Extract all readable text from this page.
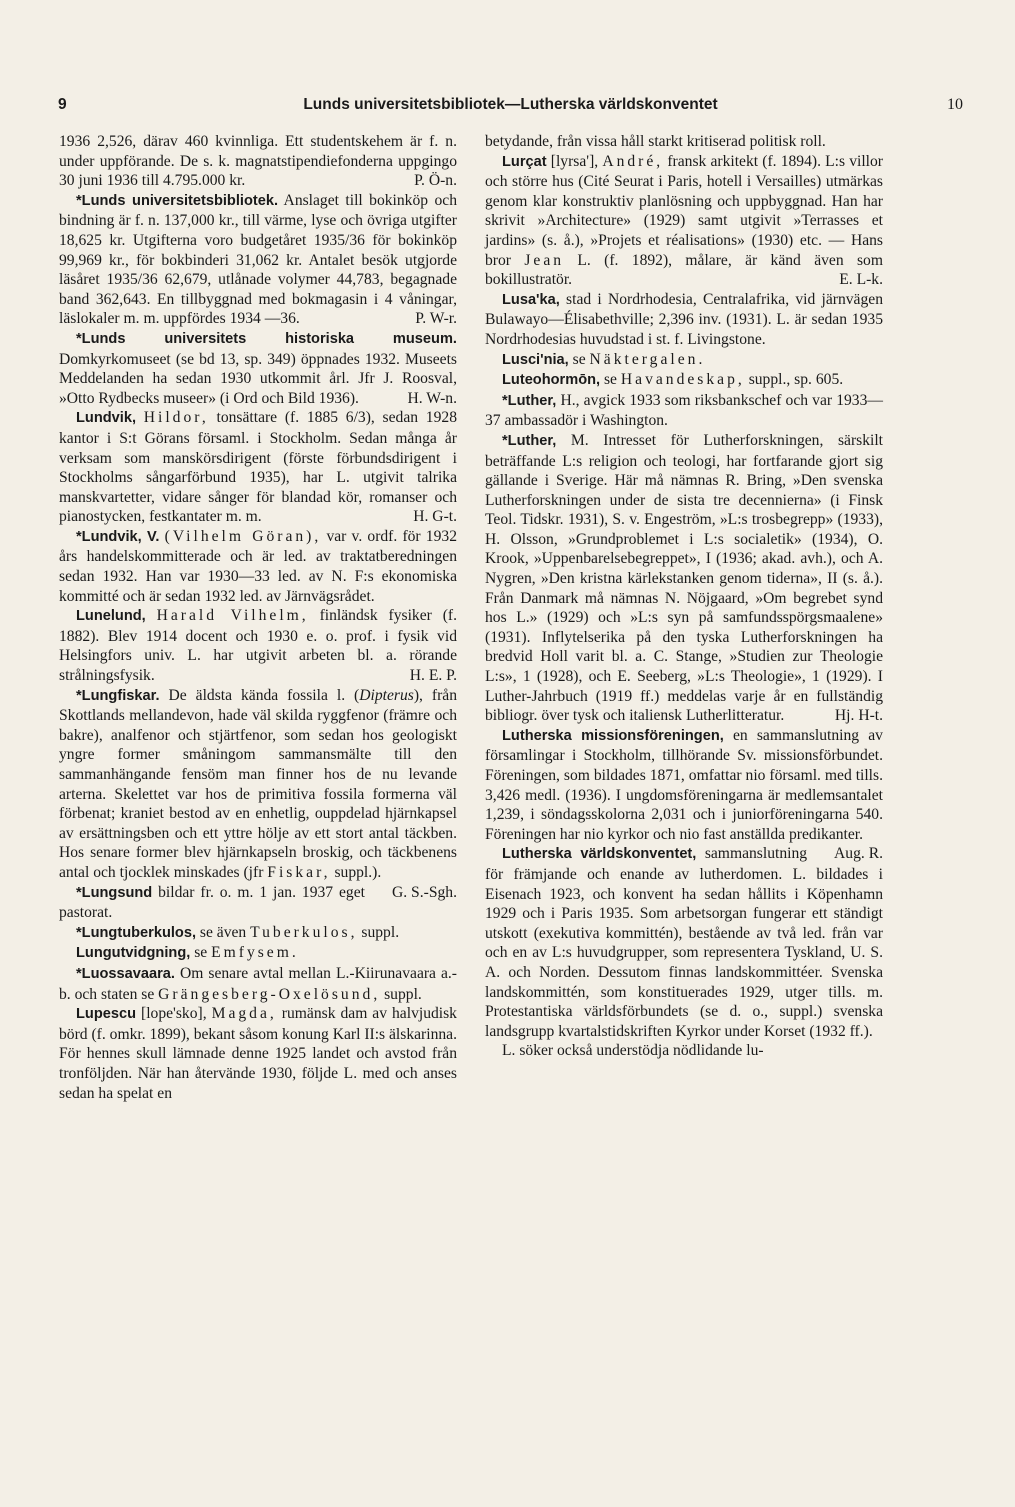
9	Lunds universitetsbibliotek—Lutherska världskonventet	10

1936 2,526, därav 460 kvinnliga. Ett studentskehem är f. n. under uppförande. De s. k. magnatstipendiefonderna uppgingo 30 juni 1936 till 4.795.000 kr.	P. Ö-n.

*Lunds universitetsbibliotek. Anslaget till bokinköp och bindning är f. n. 137,000 kr., till värme, lyse och övriga utgifter 18,625 kr. Utgifterna voro budgetåret 1935/36 för bokinköp 99,969 kr., för bokbinderi 31,062 kr. Antalet besök utgjorde läsåret 1935/36 62,679, utlånade volymer 44,783, begagnade band 362,643. En tillbyggnad med bokmagasin i 4 våningar, läslokaler m. m. uppfördes 1934 —36.	P. W-r.

*Lunds universitets historiska museum. Domkyrkomuseet (se bd 13, sp. 349) öppnades 1932. Museets Meddelanden ha sedan 1930 utkommit årl. Jfr J. Roosval, »Otto Rydbecks museer» (i Ord och Bild 1936).	H. W-n.

Lundvik, Hildor, tonsättare (f. 1885 6/3), sedan 1928 kantor i S:t Görans församl. i Stockholm. Sedan många år verksam som manskörsdirigent (förste förbundsdirigent i Stockholms sångarförbund 1935), har L. utgivit talrika manskvartetter, vidare sånger för blandad kör, romanser och pianostycken, festkantater m. m.	H. G-t.

*Lundvik, V. (Vilhelm Göran), var v. ordf. för 1932 års handelskommitterade och är led. av traktatberedningen sedan 1932. Han var 1930—33 led. av N. F:s ekonomiska kommitté och är sedan 1932 led. av Järnvägsrådet.

Lunelund, Harald Vilhelm, finländsk fysiker (f. 1882). Blev 1914 docent och 1930 e. o. prof. i fysik vid Helsingfors univ. L. har utgivit arbeten bl. a. rörande strålningsfysik.	H. E. P.

*Lungfiskar. De äldsta kända fossila l. (Dipterus), från Skottlands mellandevon, hade väl skilda ryggfenor (främre och bakre), analfenor och stjärtfenor, som sedan hos geologiskt yngre former småningom sammansmälte till den sammanhängande fensöm man finner hos de nu levande arterna. Skelettet var hos de primitiva fossila formerna väl förbenat; kraniet bestod av en enhetlig, ouppdelad hjärnkapsel av ersättningsben och ett yttre hölje av ett stort antal täckben. Hos senare former blev hjärnkapseln broskig, och täckbenens antal och tjocklek minskades (jfr Fiskar, suppl.).
G. S.-Sgh.

*Lungsund bildar fr. o. m. 1 jan. 1937 eget pastorat.

*Lungtuberkulos, se även Tuberkulos, suppl.

Lungutvidgning, se Emfysem.

*Luossavaara. Om senare avtal mellan L.-Kiirunavaara a.-b. och staten se Grängesberg-Oxelösund, suppl.

Lupescu [lope'sko], Magda, rumänsk dam av halvjudisk börd (f. omkr. 1899), bekant såsom konung Karl II:s älskarinna. För hennes skull lämnade denne 1925 landet och avstod från tronföljden. När han återvände 1930, följde L. med och anses sedan ha spelat en

betydande, från vissa håll starkt kritiserad politisk roll.

Lurçat [lyrsa'], André, fransk arkitekt (f. 1894). L:s villor och större hus (Cité Seurat i Paris, hotell i Versailles) utmärkas genom klar konstruktiv planlösning och uppbyggnad. Han har skrivit »Architecture» (1929) samt utgivit »Terrasses et jardins» (s. å.), »Projets et réalisations» (1930) etc. — Hans bror Jean L. (f. 1892), målare, är känd även som bokillustratör.	E. L-k.

Lusa'ka, stad i Nordrhodesia, Centralafrika, vid järnvägen Bulawayo—Élisabethville; 2,396 inv. (1931). L. är sedan 1935 Nordrhodesias huvudstad i st. f. Livingstone.

Lusci'nia, se Näktergalen.

Luteohormōn, se Havandeskap, suppl., sp. 605.

*Luther, H., avgick 1933 som riksbankschef och var 1933—37 ambassadör i Washington.

*Luther, M. Intresset för Lutherforskningen, särskilt beträffande L:s religion och teologi, har fortfarande gjort sig gällande i Sverige. Här må nämnas R. Bring, »Den svenska Lutherforskningen under de sista tre decennierna» (i Finsk Teol. Tidskr. 1931), S. v. Engeström, »L:s trosbegrepp» (1933), H. Olsson, »Grundproblemet i L:s socialetik» (1934), O. Krook, »Uppenbarelsebegreppet», I (1936; akad. avh.), och A. Nygren, »Den kristna kärlekstanken genom tiderna», II (s. å.). Från Danmark må nämnas N. Nöjgaard, »Om begrebet synd hos L.» (1929) och »L:s syn på samfundsspörgsmaalene» (1931). Inflytelserika på den tyska Lutherforskningen ha bredvid Holl varit bl. a. C. Stange, »Studien zur Theologie L:s», 1 (1928), och E. Seeberg, »L:s Theologie», 1 (1929). I Luther-Jahrbuch (1919 ff.) meddelas varje år en fullständig bibliogr. över tysk och italiensk Lutherlitteratur.	Hj. H-t.

Lutherska missionsföreningen, en sammanslutning av församlingar i Stockholm, tillhörande Sv. missionsförbundet. Föreningen, som bildades 1871, omfattar nio församl. med tills. 3,426 medl. (1936). I ungdomsföreningarna är medlemsantalet 1,239, i söndagsskolorna 2,031 och i juniorföreningarna 540. Föreningen har nio kyrkor och nio fast anställda predikanter.
Aug. R.

Lutherska världskonventet, sammanslutning för främjande och enande av lutherdomen. L. bildades i Eisenach 1923, och konvent ha sedan hållits i Köpenhamn 1929 och i Paris 1935. Som arbetsorgan fungerar ett ständigt utskott (exekutiva kommittén), bestående av två led. från var och en av L:s huvudgrupper, som representera Tyskland, U. S. A. och Norden. Dessutom finnas landskommittéer. Svenska landskommittén, som konstituerades 1929, utger tills. m. Protestantiska världsförbundets (se d. o., suppl.) svenska landsgrupp kvartalstidskriften Kyrkor under Korset (1932 ff.).

L. söker också understödja nödlidande lu-
